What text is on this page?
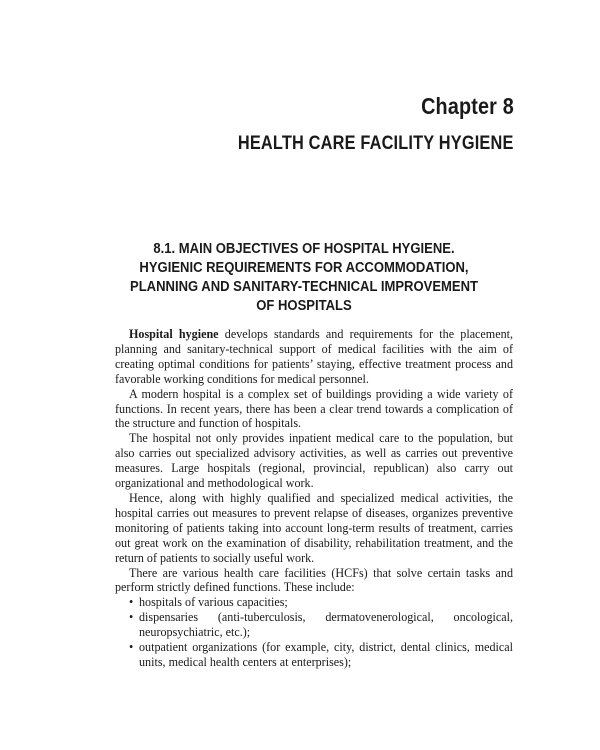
Chapter 8
HEALTH CARE FACILITY HYGIENE
8.1. MAIN OBJECTIVES OF HOSPITAL HYGIENE.
HYGIENIC REQUIREMENTS FOR ACCOMMODATION,
PLANNING AND SANITARY-TECHNICAL IMPROVEMENT
OF HOSPITALS

Hospital hygiene develops standards and requirements for the placement, planning and sanitary-technical support of medical facilities with the aim of creating optimal conditions for patients’ staying, effective treatment process and favorable working conditions for medical personnel.

A modern hospital is a complex set of buildings providing a wide variety of functions. In recent years, there has been a clear trend towards a complication of the structure and function of hospitals.

The hospital not only provides inpatient medical care to the population, but also carries out specialized advisory activities, as well as carries out preventive measures. Large hospitals (regional, provincial, republican) also carry out organizational and methodological work.

Hence, along with highly qualified and specialized medical activities, the hospital carries out measures to prevent relapse of diseases, organizes preventive monitoring of patients taking into account long-term results of treatment, carries out great work on the examination of disability, rehabilitation treatment, and the return of patients to socially useful work.

There are various health care facilities (HCFs) that solve certain tasks and perform strictly defined functions. These include:

• hospitals of various capacities;
• dispensaries (anti-tuberculosis, dermatovenerological, oncological, neuropsychiatric, etc.);
• outpatient organizations (for example, city, district, dental clinics, medical units, medical health centers at enterprises);
